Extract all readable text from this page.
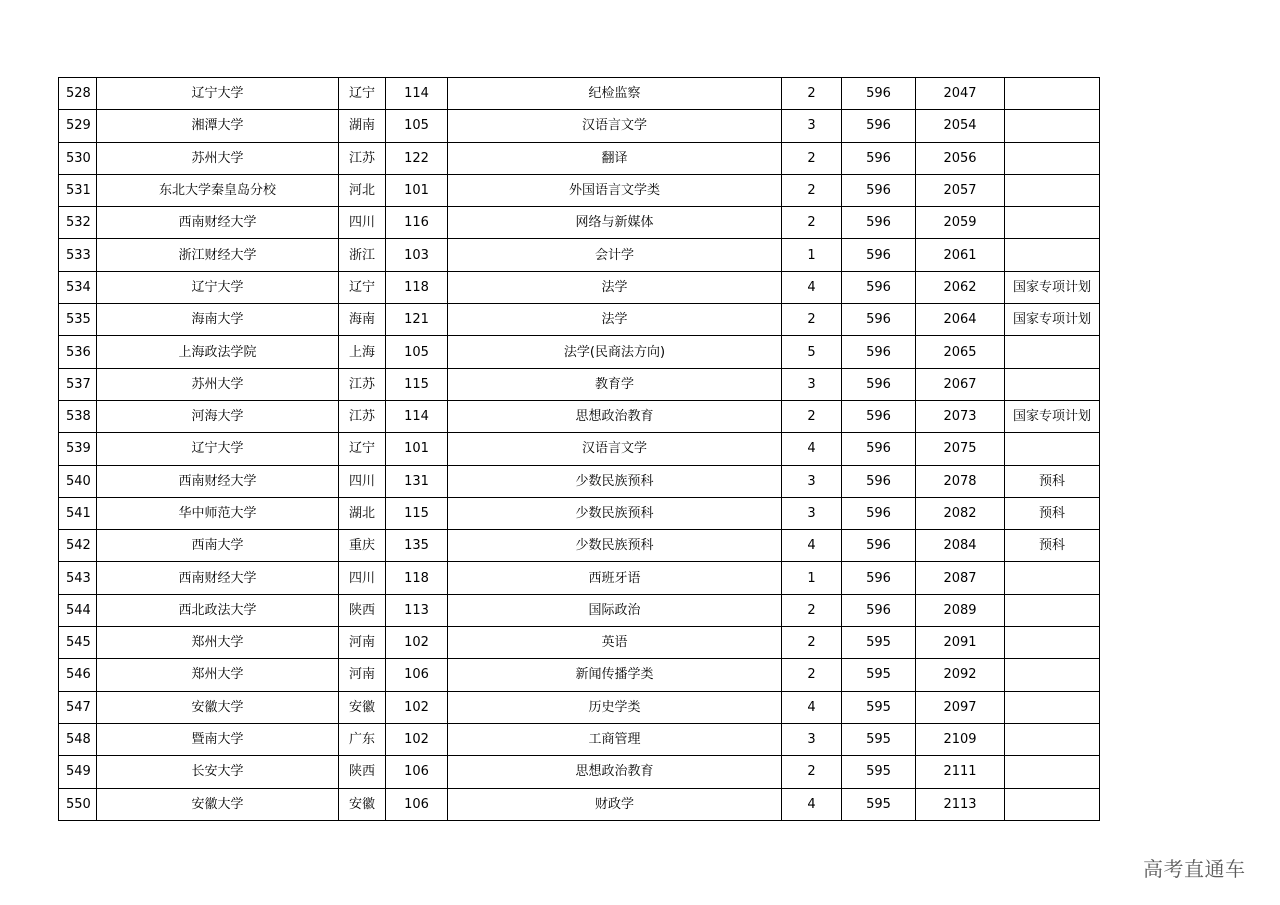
528	辽宁大学	辽宁	114	纪检监察	2	596	2047	
529	湘潭大学	湖南	105	汉语言文学	3	596	2054	
530	苏州大学	江苏	122	翻译	2	596	2056	
531	东北大学秦皇岛分校	河北	101	外国语言文学类	2	596	2057	
532	西南财经大学	四川	116	网络与新媒体	2	596	2059	
533	浙江财经大学	浙江	103	会计学	1	596	2061	
534	辽宁大学	辽宁	118	法学	4	596	2062	国家专项计划
535	海南大学	海南	121	法学	2	596	2064	国家专项计划
536	上海政法学院	上海	105	法学(民商法方向)	5	596	2065	
537	苏州大学	江苏	115	教育学	3	596	2067	
538	河海大学	江苏	114	思想政治教育	2	596	2073	国家专项计划
539	辽宁大学	辽宁	101	汉语言文学	4	596	2075	
540	西南财经大学	四川	131	少数民族预科	3	596	2078	预科
541	华中师范大学	湖北	115	少数民族预科	3	596	2082	预科
542	西南大学	重庆	135	少数民族预科	4	596	2084	预科
543	西南财经大学	四川	118	西班牙语	1	596	2087	
544	西北政法大学	陕西	113	国际政治	2	596	2089	
545	郑州大学	河南	102	英语	2	595	2091	
546	郑州大学	河南	106	新闻传播学类	2	595	2092	
547	安徽大学	安徽	102	历史学类	4	595	2097	
548	暨南大学	广东	102	工商管理	3	595	2109	
549	长安大学	陕西	106	思想政治教育	2	595	2111	
550	安徽大学	安徽	106	财政学	4	595	2113	
高考直通车
